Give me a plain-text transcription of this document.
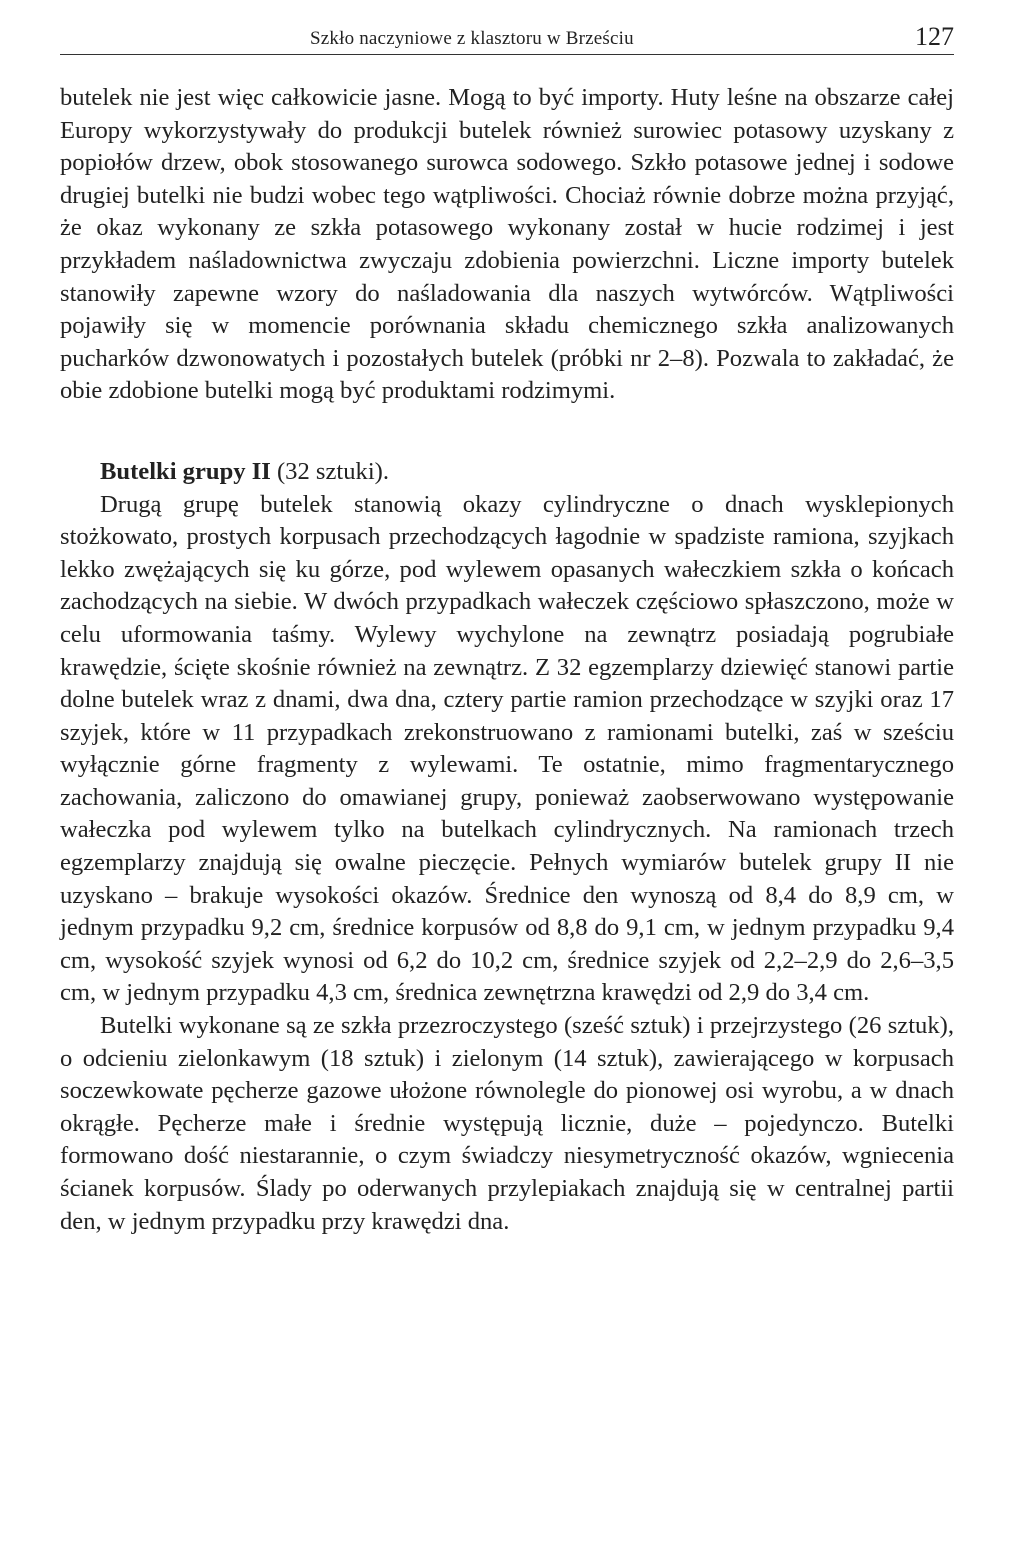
Szkło naczyniowe z klasztoru w Brześciu	127

butelek nie jest więc całkowicie jasne. Mogą to być importy. Huty leśne na obszarze całej Europy wykorzystywały do produkcji butelek również surowiec potasowy uzyskany z popiołów drzew, obok stosowanego surowca sodowego. Szkło potasowe jednej i sodowe drugiej butelki nie budzi wobec tego wątpliwości. Chociaż równie dobrze można przyjąć, że okaz wykonany ze szkła potasowego wykonany został w hucie rodzimej i jest przykładem naśladownictwa zwyczaju zdobienia powierzchni. Liczne importy butelek stanowiły zapewne wzory do naśladowania dla naszych wytwórców. Wątpliwości pojawiły się w momencie porównania składu chemicznego szkła analizowanych pucharków dzwonowatych i pozostałych butelek (próbki nr 2–8). Pozwala to zakładać, że obie zdobione butelki mogą być produktami rodzimymi.

Butelki grupy II (32 sztuki).

Drugą grupę butelek stanowią okazy cylindryczne o dnach wysklepionych stożkowato, prostych korpusach przechodzących łagodnie w spadziste ramiona, szyjkach lekko zwężających się ku górze, pod wylewem opasanych wałeczkiem szkła o końcach zachodzących na siebie. W dwóch przypadkach wałeczek częściowo spłaszczono, może w celu uformowania taśmy. Wylewy wychylone na zewnątrz posiadają pogrubiałe krawędzie, ścięte skośnie również na zewnątrz. Z 32 egzemplarzy dziewięć stanowi partie dolne butelek wraz z dnami, dwa dna, cztery partie ramion przechodzące w szyjki oraz 17 szyjek, które w 11 przypadkach zrekonstruowano z ramionami butelki, zaś w sześciu wyłącznie górne fragmenty z wylewami. Te ostatnie, mimo fragmentarycznego zachowania, zaliczono do omawianej grupy, ponieważ zaobserwowano występowanie wałeczka pod wylewem tylko na butelkach cylindrycznych. Na ramionach trzech egzemplarzy znajdują się owalne pieczęcie. Pełnych wymiarów butelek grupy II nie uzyskano – brakuje wysokości okazów. Średnice den wynoszą od 8,4 do 8,9 cm, w jednym przypadku 9,2 cm, średnice korpusów od 8,8 do 9,1 cm, w jednym przypadku 9,4 cm, wysokość szyjek wynosi od 6,2 do 10,2 cm, średnice szyjek od 2,2–2,9 do 2,6–3,5 cm, w jednym przypadku 4,3 cm, średnica zewnętrzna krawędzi od 2,9 do 3,4 cm.

Butelki wykonane są ze szkła przezroczystego (sześć sztuk) i przejrzystego (26 sztuk), o odcieniu zielonkawym (18 sztuk) i zielonym (14 sztuk), zawierającego w korpusach soczewkowate pęcherze gazowe ułożone równolegle do pionowej osi wyrobu, a w dnach okrągłe. Pęcherze małe i średnie występują licznie, duże – pojedynczo. Butelki formowano dość niestarannie, o czym świadczy niesymetryczność okazów, wgniecenia ścianek korpusów. Ślady po oderwanych przylepiakach znajdują się w centralnej partii den, w jednym przypadku przy krawędzi dna.
